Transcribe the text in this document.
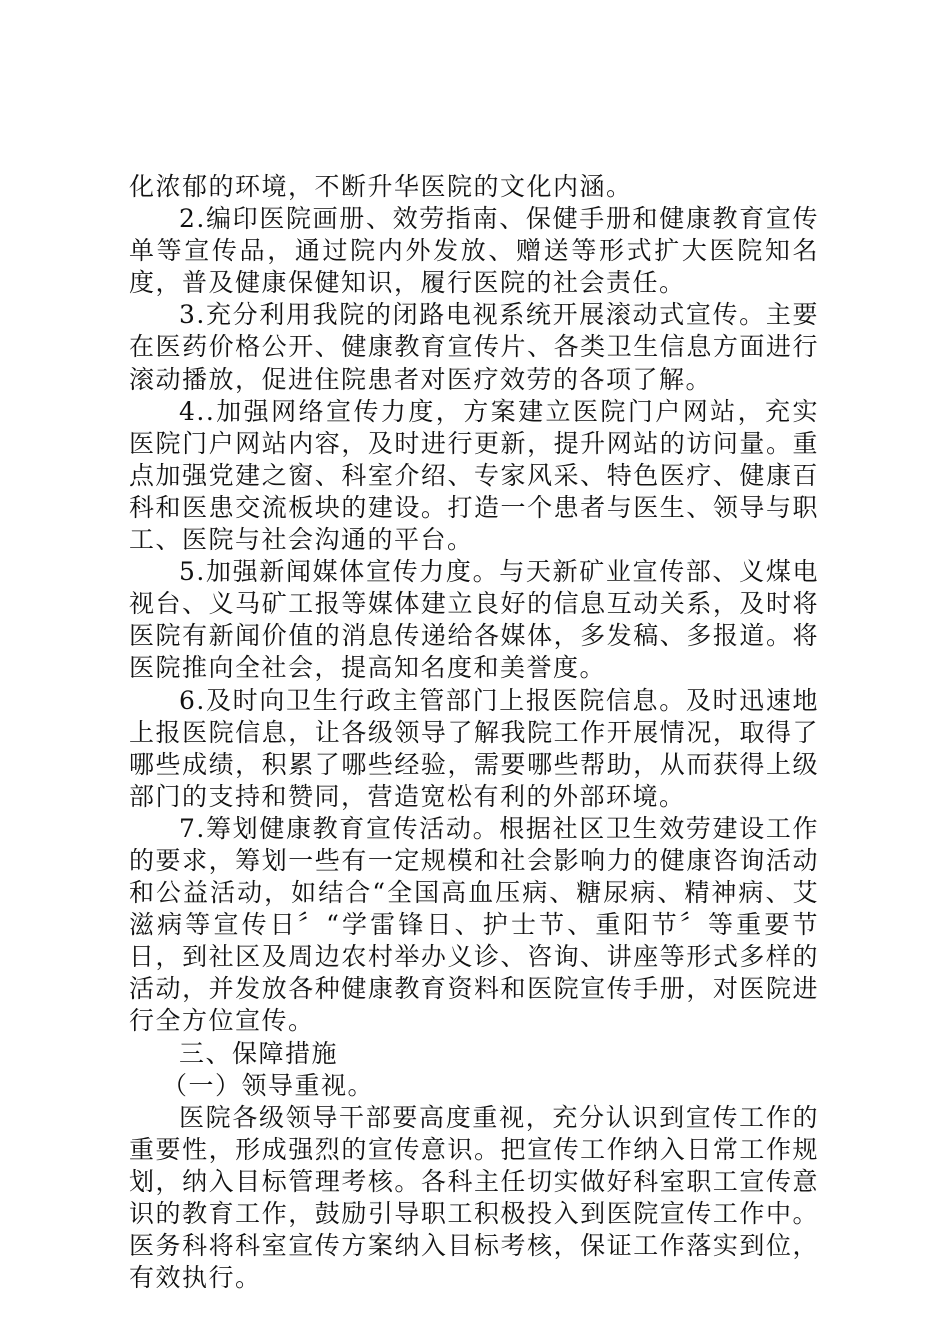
化浓郁的环境，不断升华医院的文化内涵。

2.编印医院画册、效劳指南、保健手册和健康教育宣传单等宣传品，通过院内外发放、赠送等形式扩大医院知名度，普及健康保健知识，履行医院的社会责任。

3.充分利用我院的闭路电视系统开展滚动式宣传。主要在医药价格公开、健康教育宣传片、各类卫生信息方面进行滚动播放，促进住院患者对医疗效劳的各项了解。

4..加强网络宣传力度，方案建立医院门户网站，充实医院门户网站内容，及时进行更新，提升网站的访问量。重点加强党建之窗、科室介绍、专家风采、特色医疗、健康百科和医患交流板块的建设。打造一个患者与医生、领导与职工、医院与社会沟通的平台。

5.加强新闻媒体宣传力度。与天新矿业宣传部、义煤电视台、义马矿工报等媒体建立良好的信息互动关系，及时将医院有新闻价值的消息传递给各媒体，多发稿、多报道。将医院推向全社会，提高知名度和美誉度。

6.及时向卫生行政主管部门上报医院信息。及时迅速地上报医院信息，让各级领导了解我院工作开展情况，取得了哪些成绩，积累了哪些经验，需要哪些帮助，从而获得上级部门的支持和赞同，营造宽松有利的外部环境。

7.筹划健康教育宣传活动。根据社区卫生效劳建设工作的要求，筹划一些有一定规模和社会影响力的健康咨询活动和公益活动，如结合“全国高血压病、糖尿病、精神病、艾滋病等宣传日〞“学雷锋日、护士节、重阳节〞等重要节日，到社区及周边农村举办义诊、咨询、讲座等形式多样的活动，并发放各种健康教育资料和医院宣传手册，对医院进行全方位宣传。

三、保障措施

（一）领导重视。

医院各级领导干部要高度重视，充分认识到宣传工作的重要性，形成强烈的宣传意识。把宣传工作纳入日常工作规划，纳入目标管理考核。各科主任切实做好科室职工宣传意识的教育工作，鼓励引导职工积极投入到医院宣传工作中。医务科将科室宣传方案纳入目标考核，保证工作落实到位，有效执行。
